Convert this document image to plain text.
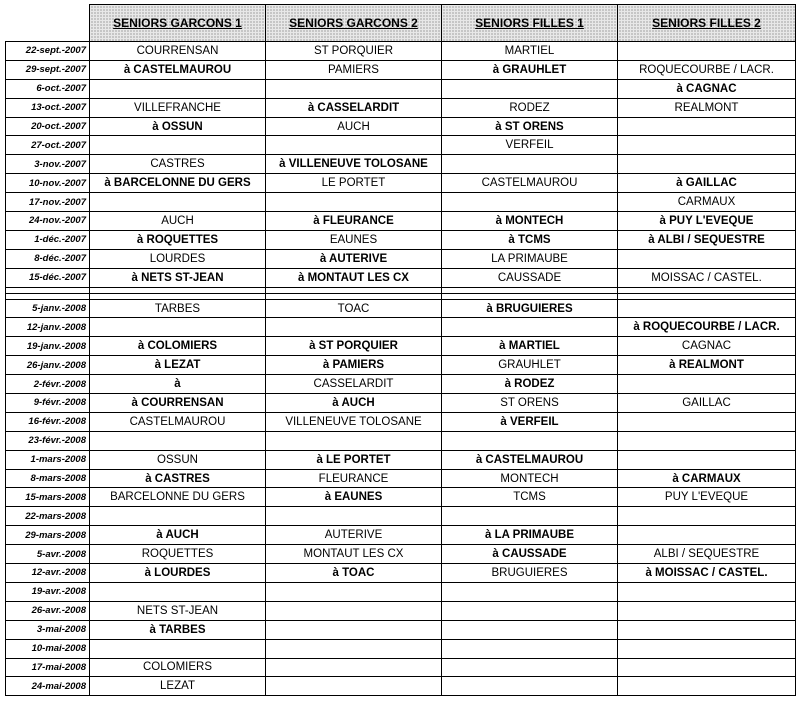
	SENIORS GARCONS 1	SENIORS GARCONS 2	SENIORS FILLES 1	SENIORS FILLES 2
22-sept.-2007	COURRENSAN	ST PORQUIER	MARTIEL	
29-sept.-2007	à CASTELMAUROU	PAMIERS	à GRAUHLET	ROQUECOURBE / LACR.
6-oct.-2007				à CAGNAC
13-oct.-2007	VILLEFRANCHE	à CASSELARDIT	RODEZ	REALMONT
20-oct.-2007	à OSSUN	AUCH	à ST ORENS	
27-oct.-2007			VERFEIL	
3-nov.-2007	CASTRES	à VILLENEUVE TOLOSANE		
10-nov.-2007	à BARCELONNE DU GERS	LE PORTET	CASTELMAUROU	à GAILLAC
17-nov.-2007				CARMAUX
24-nov.-2007	AUCH	à FLEURANCE	à MONTECH	à PUY L'EVEQUE
1-déc.-2007	à ROQUETTES	EAUNES	à TCMS	à ALBI / SEQUESTRE
8-déc.-2007	LOURDES	à AUTERIVE	LA PRIMAUBE	
15-déc.-2007	à NETS ST-JEAN	à MONTAUT LES CX	CAUSSADE	MOISSAC / CASTEL.

5-janv.-2008	TARBES	TOAC	à BRUGUIERES	
12-janv.-2008				à ROQUECOURBE / LACR.
19-janv.-2008	à COLOMIERS	à ST PORQUIER	à MARTIEL	CAGNAC
26-janv.-2008	à LEZAT	à PAMIERS	GRAUHLET	à REALMONT
2-févr.-2008	à	CASSELARDIT	à RODEZ	
9-févr.-2008	à COURRENSAN	à AUCH	ST ORENS	GAILLAC
16-févr.-2008	CASTELMAUROU	VILLENEUVE TOLOSANE	à VERFEIL	
23-févr.-2008				
1-mars-2008	OSSUN	à LE PORTET	à CASTELMAUROU	
8-mars-2008	à CASTRES	FLEURANCE	MONTECH	à CARMAUX
15-mars-2008	BARCELONNE DU GERS	à EAUNES	TCMS	PUY L'EVEQUE
22-mars-2008				
29-mars-2008	à AUCH	AUTERIVE	à LA PRIMAUBE	
5-avr.-2008	ROQUETTES	MONTAUT LES CX	à CAUSSADE	ALBI / SEQUESTRE
12-avr.-2008	à LOURDES	à TOAC	BRUGUIERES	à MOISSAC / CASTEL.
19-avr.-2008				
26-avr.-2008	NETS ST-JEAN			
3-mai-2008	à TARBES			
10-mai-2008				
17-mai-2008	COLOMIERS			
24-mai-2008	LEZAT			
